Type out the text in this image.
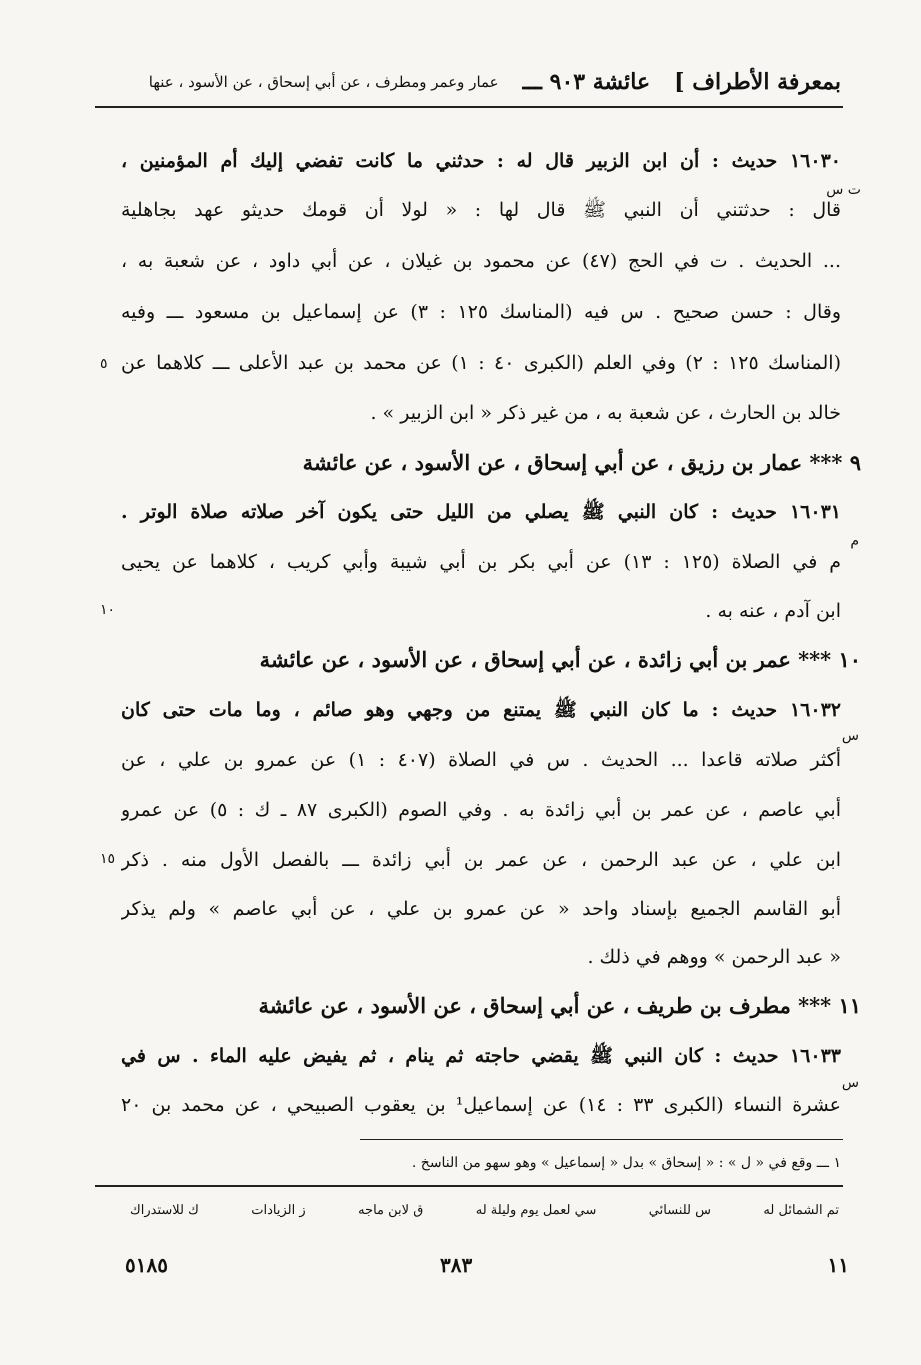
بمعرفة الأطراف ]
عائشة ٩٠٣ ـــ
عمار وعمر ومطرف ، عن أبي إسحاق ، عن الأسود ، عنها
١٦٠٣٠ حديث : أن ابن الزبير قال له : حدثني ما كانت تفضي إليك أم المؤمنين ،
قال : حدثتني أن النبي ﷺ قال لها : « لولا أن قومك حديثو عهد بجاهلية
... الحديث . ت في الحج (٤٧) عن محمود بن غيلان ، عن أبي داود ، عن شعبة به ،
وقال : حسن صحيح . س فيه (المناسك ١٢٥ : ٣) عن إسماعيل بن مسعود ـــ وفيه
(المناسك ١٢٥ : ٢) وفي العلم (الكبرى ٤٠ : ١) عن محمد بن عبد الأعلى ـــ كلاهما عن
خالد بن الحارث ، عن شعبة به ، من غير ذكر « ابن الزبير » .
٩ *** عمار بن رزيق ، عن أبي إسحاق ، عن الأسود ، عن عائشة
١٦٠٣١ حديث : كان النبي ﷺ يصلي من الليل حتى يكون آخر صلاته صلاة الوتر .
م في الصلاة (١٢٥ : ١٣) عن أبي بكر بن أبي شيبة وأبي كريب ، كلاهما عن يحيى
ابن آدم ، عنه به .
١٠ *** عمر بن أبي زائدة ، عن أبي إسحاق ، عن الأسود ، عن عائشة
١٦٠٣٢ حديث : ما كان النبي ﷺ يمتنع من وجهي وهو صائم ، وما مات حتى كان
أكثر صلاته قاعدا ... الحديث . س في الصلاة (٤٠٧ : ١) عن عمرو بن علي ، عن
أبي عاصم ، عن عمر بن أبي زائدة به . وفي الصوم (الكبرى ٨٧ ـ ك : ٥) عن عمرو
ابن علي ، عن عبد الرحمن ، عن عمر بن أبي زائدة ـــ بالفصل الأول منه . ذكر
أبو القاسم الجميع بإسناد واحد « عن عمرو بن علي ، عن أبي عاصم » ولم يذكر
« عبد الرحمن » ووهم في ذلك .
١١ *** مطرف بن طريف ، عن أبي إسحاق ، عن الأسود ، عن عائشة
١٦٠٣٣ حديث : كان النبي ﷺ يقضي حاجته ثم ينام ، ثم يفيض عليه الماء . س في
عشرة النساء (الكبرى ٣٣ : ١٤) عن إسماعيل¹ بن يعقوب الصبيحي ، عن محمد بن ٢٠
ت س
٥
م
١٠
س
١٥
س
١ ـــ وقع في « ل » : « إسحاق » بدل « إسماعيل » وهو سهو من الناسخ .
تم الشمائل له
س للنسائي
سي لعمل يوم وليلة له
ق لابن ماجه
ز الزيادات
ك للاستدراك
١١
٣٨٣
٥١٨٥
